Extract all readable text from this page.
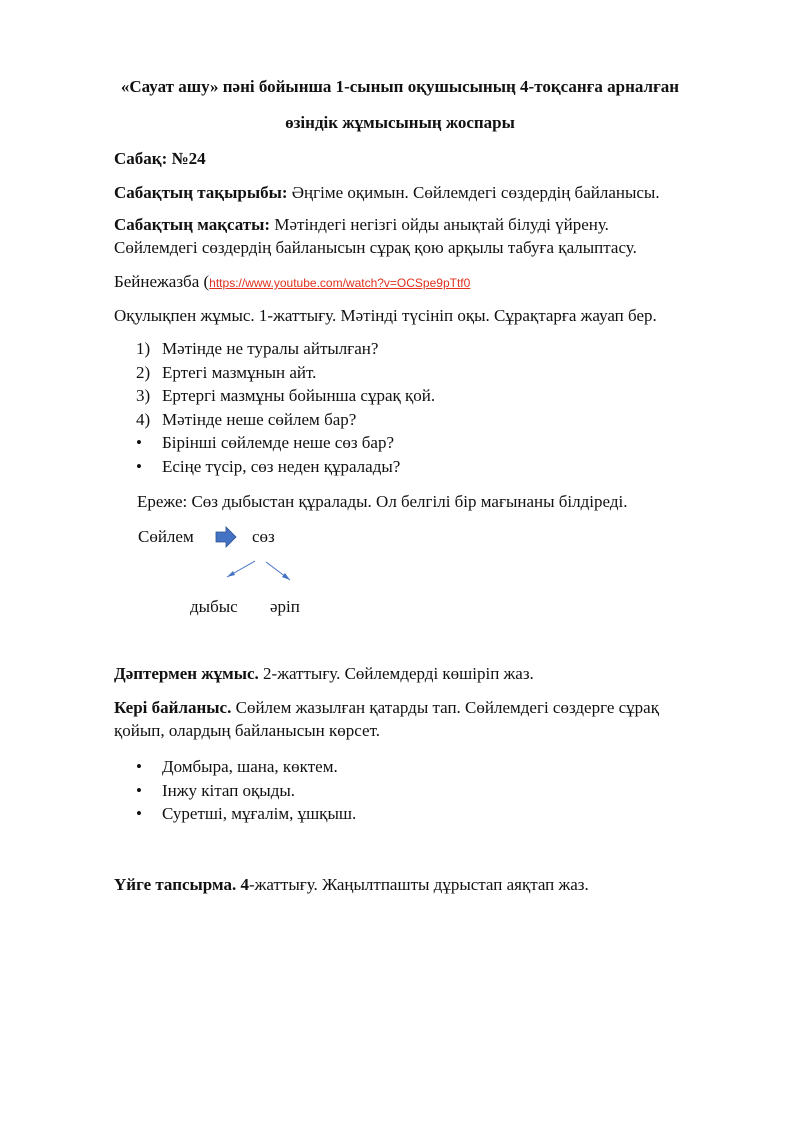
«Сауат ашу» пәні бойынша 1-сынып оқушысының 4-тоқсанға арналған
өзіндік жұмысының жоспары
Сабақ: №24
Сабақтың тақырыбы: Әңгіме оқимын. Сөйлемдегі сөздердің байланысы.
Сабақтың мақсаты: Мәтіндегі негізгі ойды анықтай білуді үйрену.
Сөйлемдегі сөздердің байланысын сұрақ қою арқылы табуға қалыптасу.
Бейнежазба (https://www.youtube.com/watch?v=OCSpe9pTtf0
Оқулықпен жұмыс. 1-жаттығу. Мәтінді түсініп оқы. Сұрақтарға жауап бер.
1) Мәтінде не туралы айтылған?
2) Ертегі мазмұнын айт.
3) Ертергі мазмұны бойынша сұрақ қой.
4) Мәтінде неше сөйлем бар?
• Бірінші сөйлемде неше сөз бар?
• Есіңе түсір, сөз неден құралады?
Ереже: Сөз дыбыстан құралады. Ол белгілі бір мағынаны білдіреді.
Сөйлем	сөз
дыбыс әріп
Дәптермен жұмыс. 2-жаттығу. Сөйлемдерді көшіріп жаз.
Кері байланыс. Сөйлем жазылған қатарды тап. Сөйлемдегі сөздерге сұрақ
қойып, олардың байланысын көрсет.
• Домбыра, шана, көктем.
• Інжу кітап оқыды.
• Суретші, мұғалім, ұшқыш.
Үйге тапсырма. 4-жаттығу. Жаңылтпашты дұрыстап аяқтап жаз.
